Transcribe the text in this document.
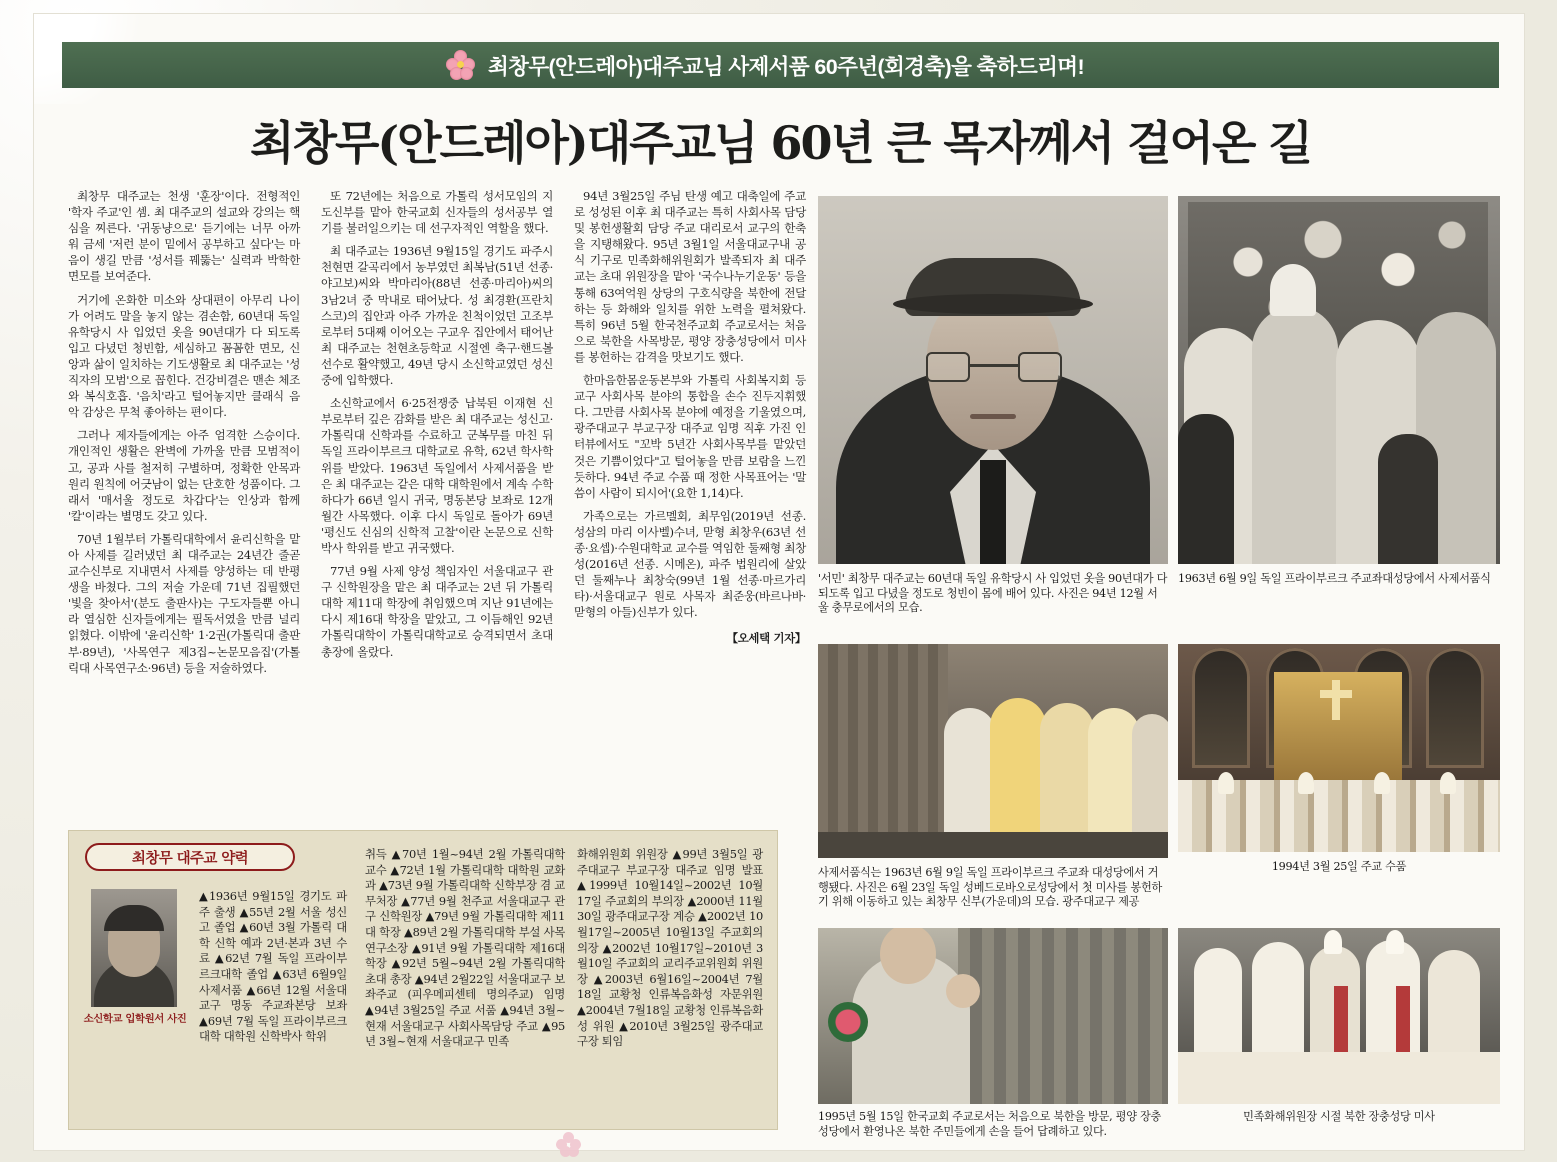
최창무(안드레아)대주교님 사제서품 60주년(회경축)을 축하드리며!
최창무(안드레아)대주교님 60년 큰 목자께서 걸어온 길

최창무 대주교는 천생 '훈장'이다. 전형적인 '학자 주교'인 셈. 최 대주교의 설교와 강의는 핵심을 찌른다. '귀동냥으로' 듣기에는 너무 아까워 금세 '저런 분이 밑에서 공부하고 싶다'는 마음이 생길 만큼 '성서를 꿰뚫는' 실력과 박학한 면모를 보여준다.

거기에 온화한 미소와 상대편이 아무리 나이가 어려도 말을 놓지 않는 겸손함, 60년대 독일 유학당시 사 입었던 옷을 90년대가 다 되도록 입고 다녔던 청빈함, 세심하고 꼼꼼한 면모, 신앙과 삶이 일치하는 기도생활로 최 대주교는 '성직자의 모범'으로 꼽힌다. 건강비결은 맨손 체조와 복식호흡. '음치'라고 털어놓지만 클래식 음악 감상은 무척 좋아하는 편이다.

그러나 제자들에게는 아주 엄격한 스승이다. 개인적인 생활은 완벽에 가까울 만큼 모범적이고, 공과 사를 철저히 구별하며, 정확한 안목과 원리 원칙에 어긋남이 없는 단호한 성품이다. 그래서 '매서울 정도로 차갑다'는 인상과 함께 '칼'이라는 별명도 갖고 있다.

70년 1월부터 가톨릭대학에서 윤리신학을 맡아 사제를 길러냈던 최 대주교는 24년간 줄곧 교수신부로 지내면서 사제를 양성하는 데 반평생을 바쳤다. 그의 저술 가운데 71년 집필했던 '빛을 찾아서'(분도 출판사)는 구도자들뿐 아니라 열심한 신자들에게는 필독서였을 만큼 널리 읽혔다. 이밖에 '윤리신학' 1·2권(가톨릭대 출판부·89년), '사목연구 제3집~논문모음집'(가톨릭대 사목연구소·96년) 등을 저술하였다.

또 72년에는 처음으로 가톨릭 성서모임의 지도신부를 맡아 한국교회 신자들의 성서공부 열기를 불러일으키는 데 선구자적인 역할을 했다.

최 대주교는 1936년 9월15일 경기도 파주시 천현면 갈곡리에서 농부였던 최복남(51년 선종·야고보)씨와 박마리아(88년 선종·마리아)씨의 3남2녀 중 막내로 태어났다. 성 최경환(프란치스코)의 집안과 아주 가까운 친척이었던 고조부로부터 5대째 이어오는 구교우 집안에서 태어난 최 대주교는 천현초등학교 시절엔 축구·핸드볼 선수로 활약했고, 49년 당시 소신학교였던 성신중에 입학했다.

소신학교에서 6·25전쟁중 납북된 이재현 신부로부터 깊은 감화를 받은 최 대주교는 성신고·가톨릭대 신학과를 수료하고 군복무를 마친 뒤 독일 프라이부르크 대학교로 유학, 62년 학사학위를 받았다. 1963년 독일에서 사제서품을 받은 최 대주교는 같은 대학 대학원에서 계속 수학하다가 66년 일시 귀국, 명동본당 보좌로 12개월간 사목했다. 이후 다시 독일로 돌아가 69년 '평신도 신심의 신학적 고찰'이란 논문으로 신학박사 학위를 받고 귀국했다.

77년 9월 사제 양성 책임자인 서울대교구 관구 신학원장을 맡은 최 대주교는 2년 뒤 가톨릭대학 제11대 학장에 취임했으며 지난 91년에는 다시 제16대 학장을 맡았고, 그 이듬해인 92년 가톨릭대학이 가톨릭대학교로 승격되면서 초대 총장에 올랐다.

94년 3월25일 주님 탄생 예고 대축일에 주교로 성성된 이후 최 대주교는 특히 사회사목 담당 및 봉헌생활회 담당 주교 대리로서 교구의 한축을 지탱해왔다. 95년 3월1일 서울대교구내 공식 기구로 민족화해위원회가 발족되자 최 대주교는 초대 위원장을 맡아 '국수나누기운동' 등을 통해 63여억원 상당의 구호식량을 북한에 전달하는 등 화해와 일치를 위한 노력을 펼쳐왔다. 특히 96년 5월 한국천주교회 주교로서는 처음으로 북한을 사목방문, 평양 장충성당에서 미사를 봉헌하는 감격을 맛보기도 했다.

한마음한몸운동본부와 가톨릭 사회복지회 등 교구 사회사목 분야의 통합을 손수 진두지휘했다. 그만큼 사회사목 분야에 예정을 기울였으며, 광주대교구 부교구장 대주교 임명 직후 가진 인터뷰에서도 "꼬박 5년간 사회사목부를 맡았던 것은 기쁨이었다"고 털어놓을 만큼 보람을 느낀 듯하다. 94년 주교 수품 때 정한 사목표어는 '말씀이 사람이 되시어'(요한 1,14)다.

가족으로는 가르멜회, 최무임(2019년 선종. 성삼의 마리 이사벨)수녀, 맏형 최창우(63년 선종·요셉)·수원대학교 교수를 역임한 둘째형 최창성(2016년 선종. 시메온), 파주 법원리에 살았던 둘째누나 최창숙(99년 1월 선종·마르가리타)·서울대교구 원로 사목자 최준웅(바르나바·맏형의 아들)신부가 있다.

【오세택 기자】
'서민' 최창무 대주교는 60년대 독일 유학당시 사 입었던 옷을 90년대가 다 되도록 입고 다녔을 정도로 청빈이 몸에 배어 있다. 사진은 94년 12월 서울 충무로에서의 모습.
1963년 6월 9일 독일 프라이부르크 주교좌대성당에서 사제서품식
사제서품식는 1963년 6월 9일 독일 프라이부르크 주교좌 대성당에서 거행됐다. 사진은 6월 23일 독일 성베드로바오로성당에서 첫 미사를 봉헌하기 위해 이동하고 있는 최창무 신부(가운데)의 모습. 광주대교구 제공
1994년 3월 25일 주교 수품
1995년 5월 15일 한국교회 주교로서는 처음으로 북한을 방문, 평양 장충성당에서 환영나온 북한 주민들에게 손을 들어 답례하고 있다.
민족화해위원장 시절 북한 장충성당 미사
최창무 대주교 약력
소신학교 입학원서 사진
▲1936년 9월15일 경기도 파주 출생 ▲55년 2월 서울 성신고 졸업 ▲60년 3월 가톨릭 대학 신학 예과 2년·본과 3년 수료 ▲62년 7월 독일 프라이부르크대학 졸업 ▲63년 6월9일 사제서품 ▲66년 12월 서울대교구 명동 주교좌본당 보좌 ▲69년 7월 독일 프라이부르크대학 대학원 신학박사 학위
취득 ▲70년 1월~94년 2월 가톨릭대학 교수 ▲72년 1월 가톨릭대학 대학원 교화과 ▲73년 9월 가톨릭대학 신학부장 겸 교무처장 ▲77년 9월 천주교 서울대교구 관구 신학원장 ▲79년 9월 가톨릭대학 제11대 학장 ▲89년 2월 가톨릭대학 부설 사목연구소장 ▲91년 9월 가톨릭대학 제16대 학장 ▲92년 5월~94년 2월 가톨릭대학 초대 총장 ▲94년 2월22일 서울대교구 보좌주교 (피우메피센테 명의주교) 임명 ▲94년 3월25일 주교 서품 ▲94년 3월~현재 서울대교구 사회사목담당 주교 ▲95년 3월~현재 서울대교구 민족
화해위원회 위원장 ▲99년 3월5일 광주대교구 부교구장 대주교 임명 발표 ▲1999년 10월14일~2002년 10월17일 주교회의 부의장 ▲2000년 11월30일 광주대교구장 계승 ▲2002년 10월17일~2005년 10월13일 주교회의 의장 ▲2002년 10월17일~2010년 3월10일 주교회의 교리주교위원회 위원장 ▲2003년 6월16일~2004년 7월18일 교황청 인류복음화성 자문위원 ▲2004년 7월18일 교황청 인류복음화성 위원 ▲2010년 3월25일 광주대교구장 퇴임
